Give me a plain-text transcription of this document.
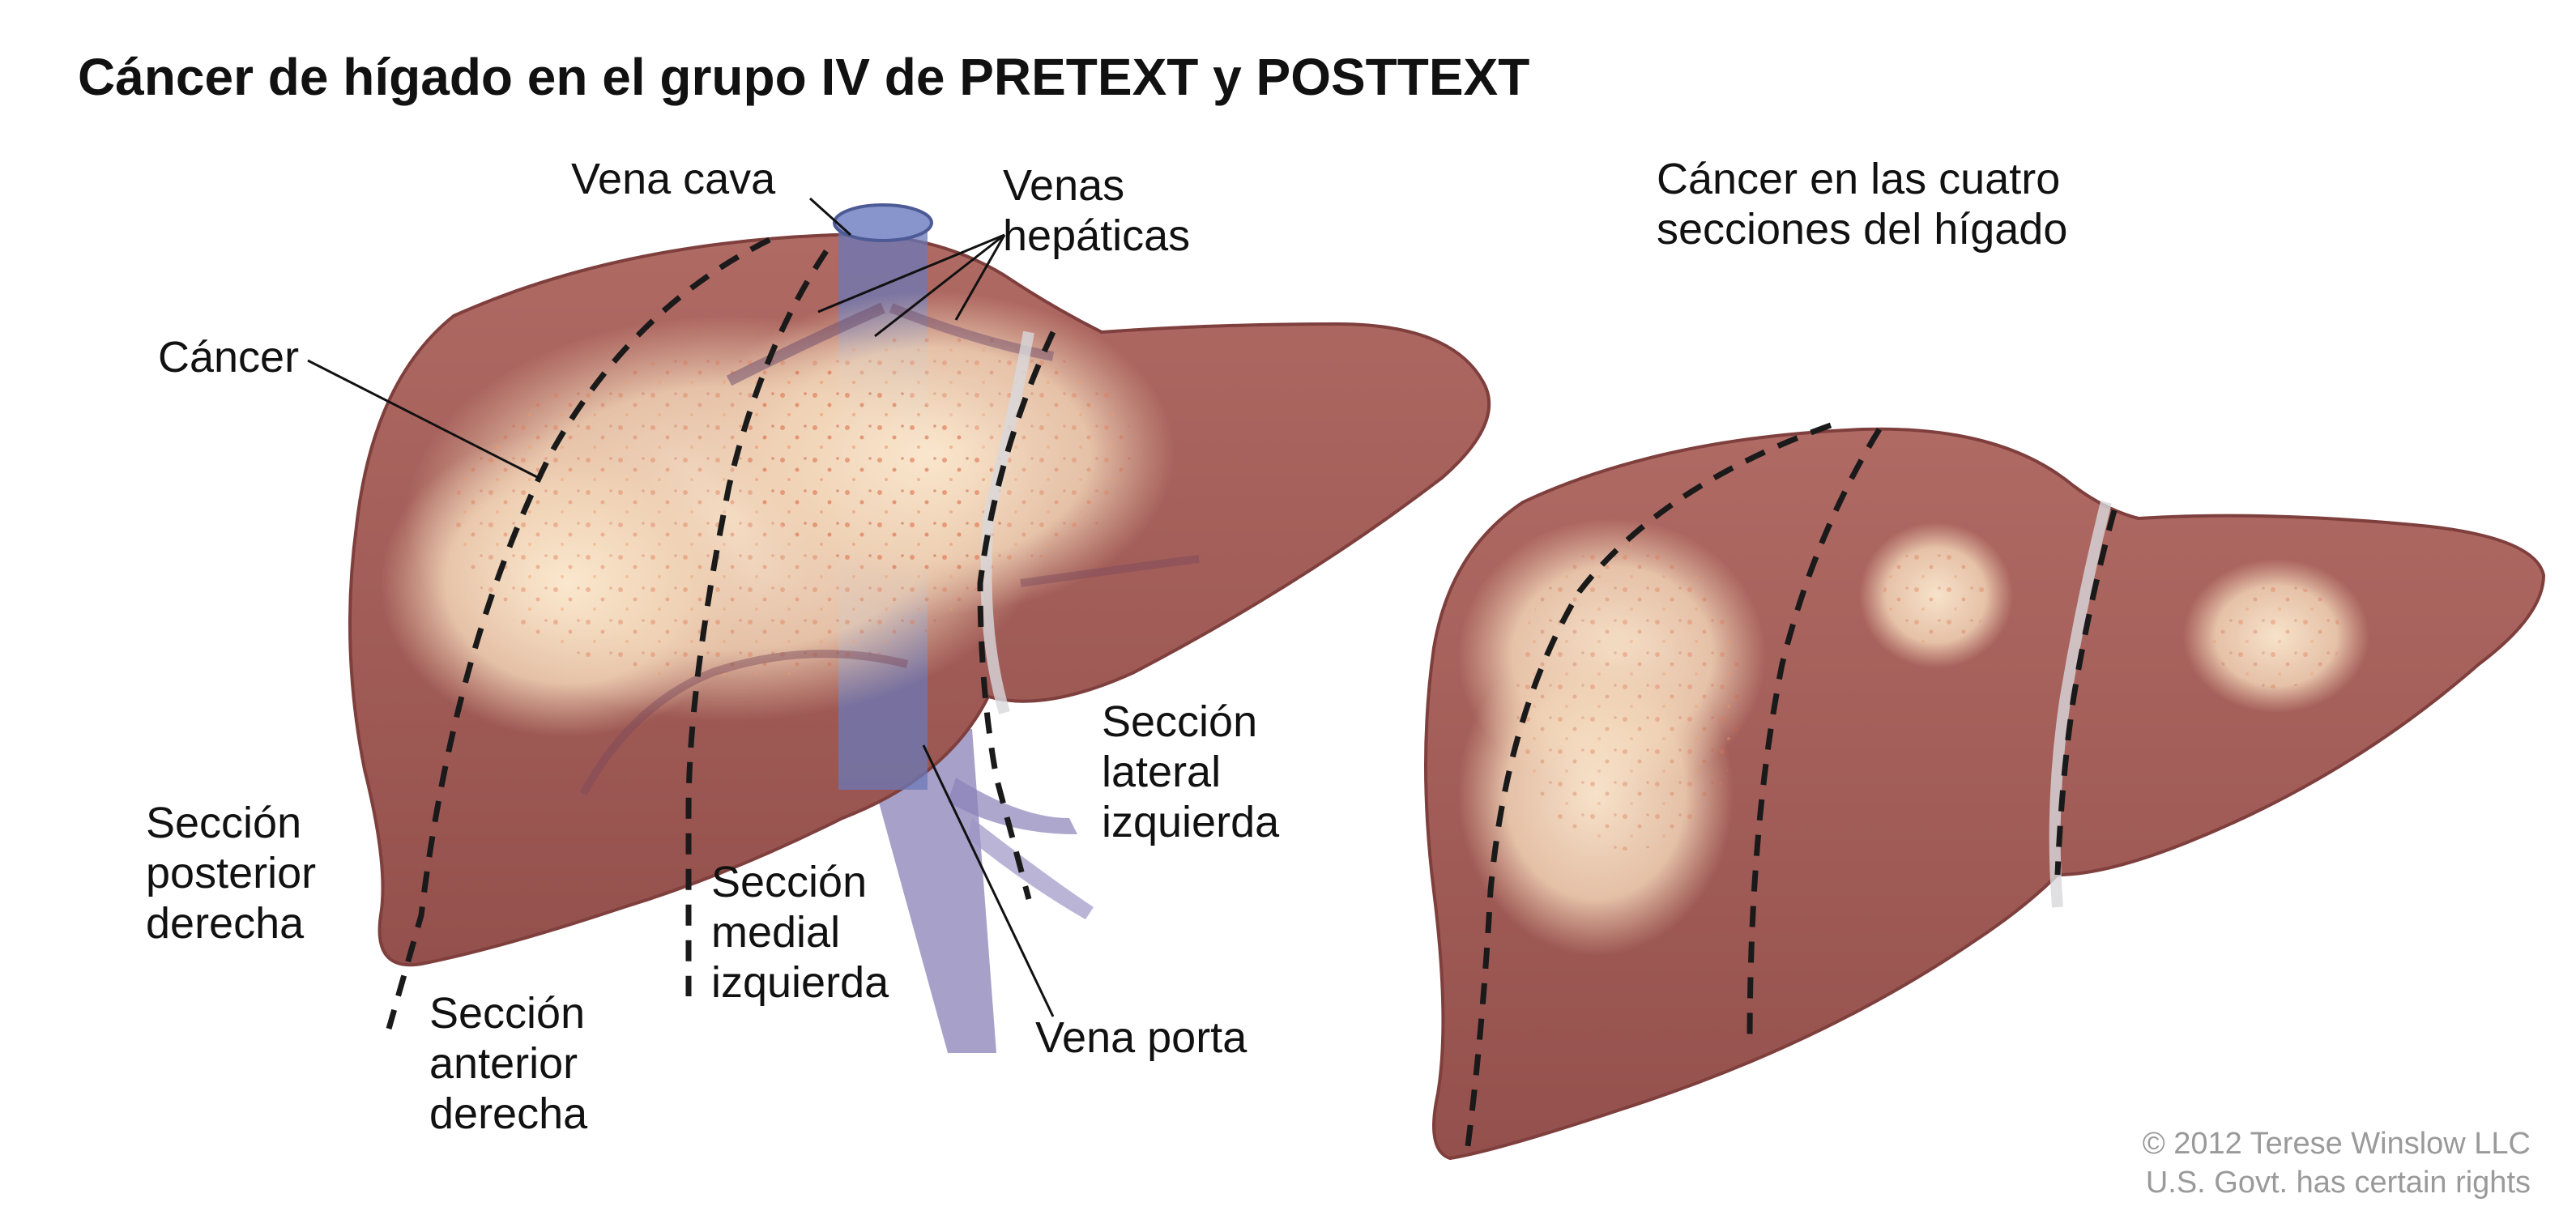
Cáncer de hígado en el grupo IV de PRETEXT y POSTTEXT
Vena cava	Venas
hepáticas
Cáncer
Sección
posterior
derecha
Sección
anterior
derecha
Sección
medial
izquierda
Sección
lateral
izquierda
Vena porta
Cáncer en las cuatro
secciones del hígado
© 2012 Terese Winslow LLC
U.S. Govt. has certain rights
